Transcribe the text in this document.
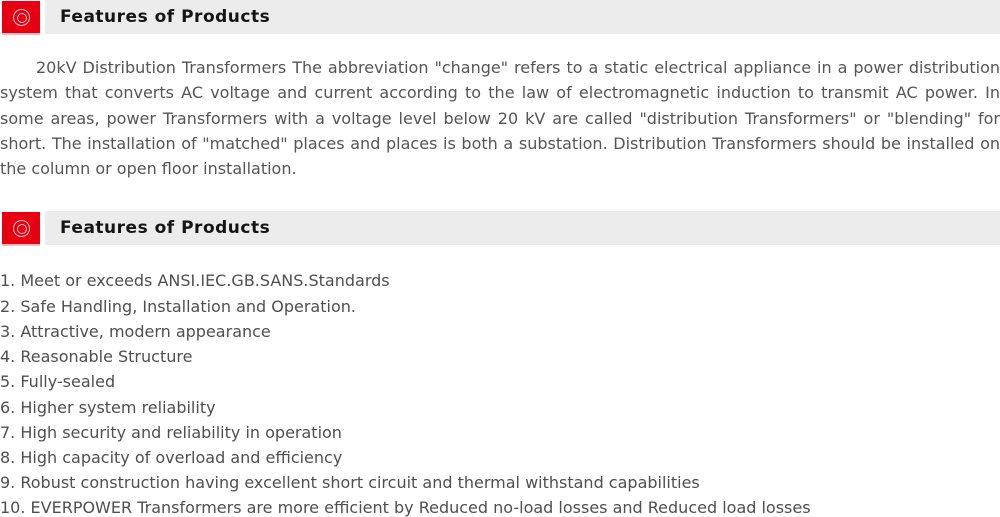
Features of Products

20kV Distribution Transformers The abbreviation "change" refers to a static electrical appliance in a power distribution system that converts AC voltage and current according to the law of electromagnetic induction to transmit AC power. In some areas, power Transformers with a voltage level below 20 kV are called "distribution Transformers" or "blending" for short. The installation of "matched" places and places is both a substation. Distribution Transformers should be installed on the column or open floor installation.

Features of Products
1. Meet or exceeds ANSI.IEC.GB.SANS.Standards
2. Safe Handling, Installation and Operation.
3. Attractive, modern appearance
4. Reasonable Structure
5. Fully-sealed
6. Higher system reliability
7. High security and reliability in operation
8. High capacity of overload and efficiency
9. Robust construction having excellent short circuit and thermal withstand capabilities
10. EVERPOWER Transformers are more efficient by Reduced no-load losses and Reduced load losses
